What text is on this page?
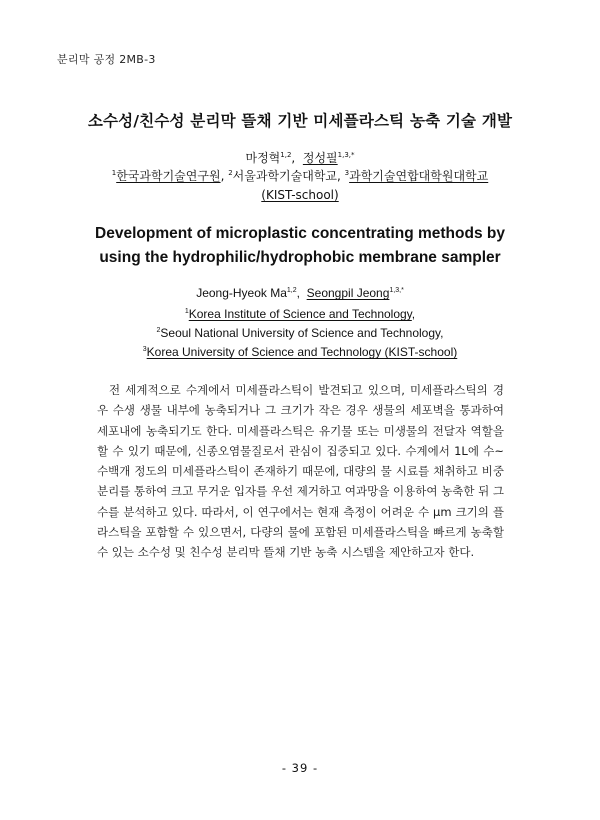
분리막 공정 2MB-3
소수성/친수성 분리막 뜰채 기반 미세플라스틱 농축 기술 개발
마정혁$^{1,2}$,  정성필$^{1,3,*}$
$^1$한국과학기술연구원, $^2$서울과학기술대학교, $^3$과학기술연합대학원대학교
(KIST-school)
Development of microplastic concentrating methods by
using the hydrophilic/hydrophobic membrane sampler
Jeong-Hyeok Ma$^{1,2}$,  Seongpil Jeong$^{1,3,*}$
$^1$Korea Institute of Science and Technology,
$^2$Seoul National University of Science and Technology,
$^3$Korea University of Science and Technology (KIST-school)

전 세계적으로 수계에서 미세플라스틱이 발견되고 있으며, 미세플라스틱의 경우 수생 생물 내부에 농축되거나 그 크기가 작은 경우 생물의 세포벽을 통과하여 세포내에 농축되기도 한다. 미세플라스틱은 유기물 또는 미생물의 전달자 역할을 할 수 있기 때문에, 신종오염물질로서 관심이 집중되고 있다. 수계에서 1L에 수~수백개 정도의 미세플라스틱이 존재하기 때문에, 대량의 물 시료를 채취하고 비중분리를 통하여 크고 무거운 입자를 우선 제거하고 여과망을 이용하여 농축한 뒤 그 수를 분석하고 있다. 따라서, 이 연구에서는 현재 측정이 어려운 수 μm 크기의 플라스틱을 포함할 수 있으면서, 다량의 물에 포함된 미세플라스틱을 빠르게 농축할 수 있는 소수성 및 친수성 분리막 뜰채 기반 농축 시스템을 제안하고자 한다.

- 39 -
